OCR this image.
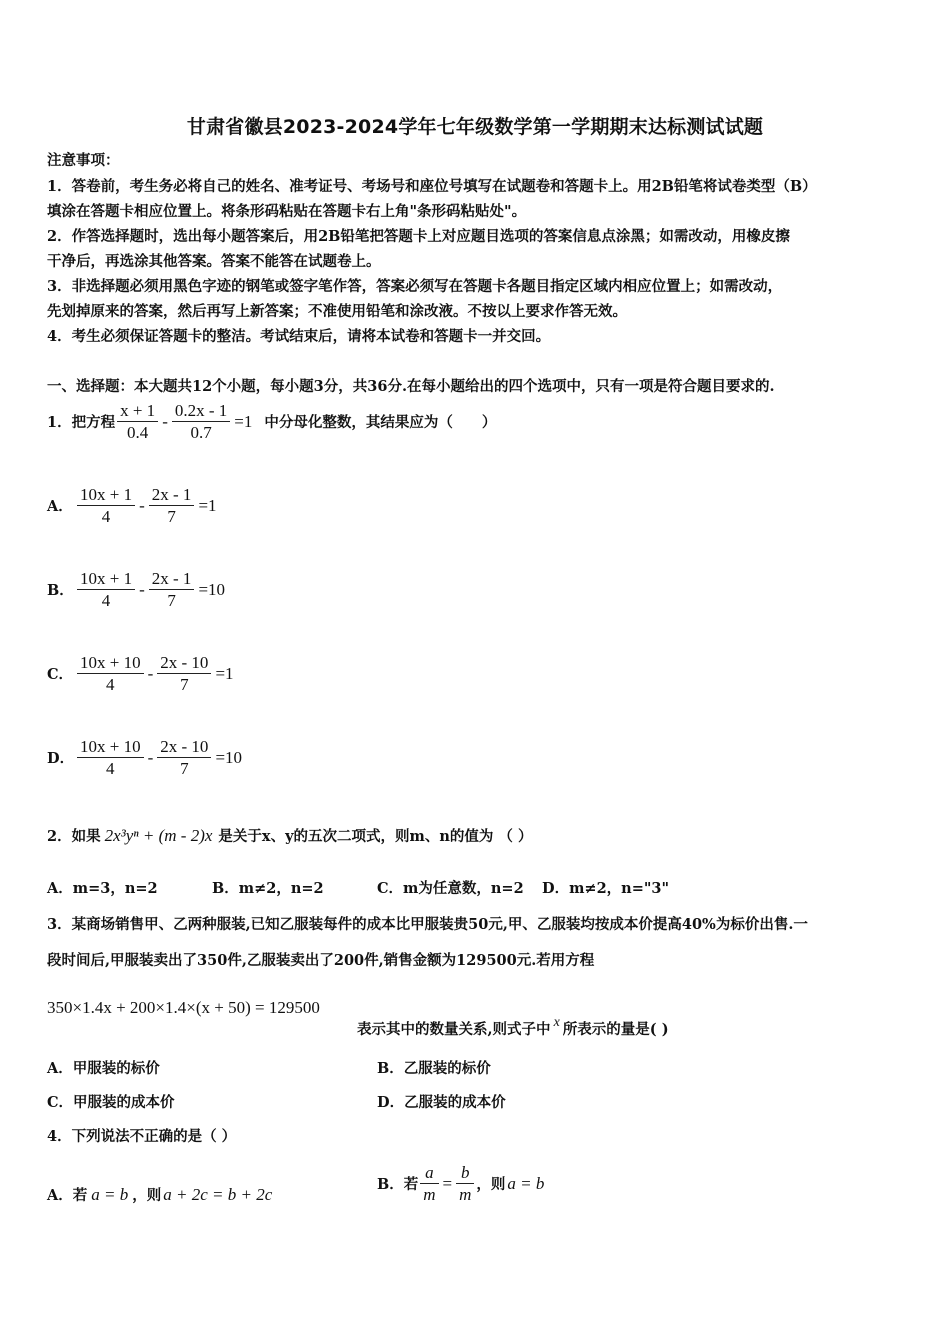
甘肃省徽县2023-2024学年七年级数学第一学期期末达标测试试题
注意事项：
1．答卷前，考生务必将自己的姓名、准考证号、考场号和座位号填写在试题卷和答题卡上。用2B铅笔将试卷类型（B）
填涂在答题卡相应位置上。将条形码粘贴在答题卡右上角"条形码粘贴处"。
2．作答选择题时，选出每小题答案后，用2B铅笔把答题卡上对应题目选项的答案信息点涂黑；如需改动，用橡皮擦
干净后，再选涂其他答案。答案不能答在试题卷上。
3．非选择题必须用黑色字迹的钢笔或签字笔作答，答案必须写在答题卡各题目指定区域内相应位置上；如需改动，
先划掉原来的答案，然后再写上新答案；不准使用铅笔和涂改液。不按以上要求作答无效。
4．考生必须保证答题卡的整洁。考试结束后，请将本试卷和答题卡一并交回。
一、选择题：本大题共12个小题，每小题3分，共36分.在每小题给出的四个选项中，只有一项是符合题目要求的.
1．把方程 $\frac{x + 1}{0.4} - \frac{0.2x - 1}{0.7} =1$ 中分母化整数，其结果应为（　　）
A． $\frac{10x + 1}{4} - \frac{2x - 1}{7} =1$
B． $\frac{10x + 1}{4} - \frac{2x - 1}{7} =10$
C． $\frac{10x + 10}{4} - \frac{2x - 10}{7} =1$
D． $\frac{10x + 10}{4} - \frac{2x - 10}{7} =10$
2．如果 2x³yⁿ + (m - 2)x 是关于x、y的五次二项式，则m、n的值为 （ ）
A．m=3，n=2	B．m≠2，n=2	C．m为任意数，n=2 D．m≠2，n="3"
3．某商场销售甲、乙两种服装,已知乙服装每件的成本比甲服装贵50元,甲、乙服装均按成本价提高40%为标价出售.一
段时间后,甲服装卖出了350件,乙服装卖出了200件,销售金额为129500元.若用方程
350×1.4x + 200×1.4×(x + 50) = 129500
表示其中的数量关系,则式子中 x 所表示的量是( )
A．甲服装的标价	B．乙服装的标价
C．甲服装的成本价	D．乙服装的成本价
4．下列说法不正确的是（ ）
A．若 a = b ，则 a + 2c = b + 2c	B．若 $\frac{a}{m} = \frac{b}{m}$ ，则 a = b
